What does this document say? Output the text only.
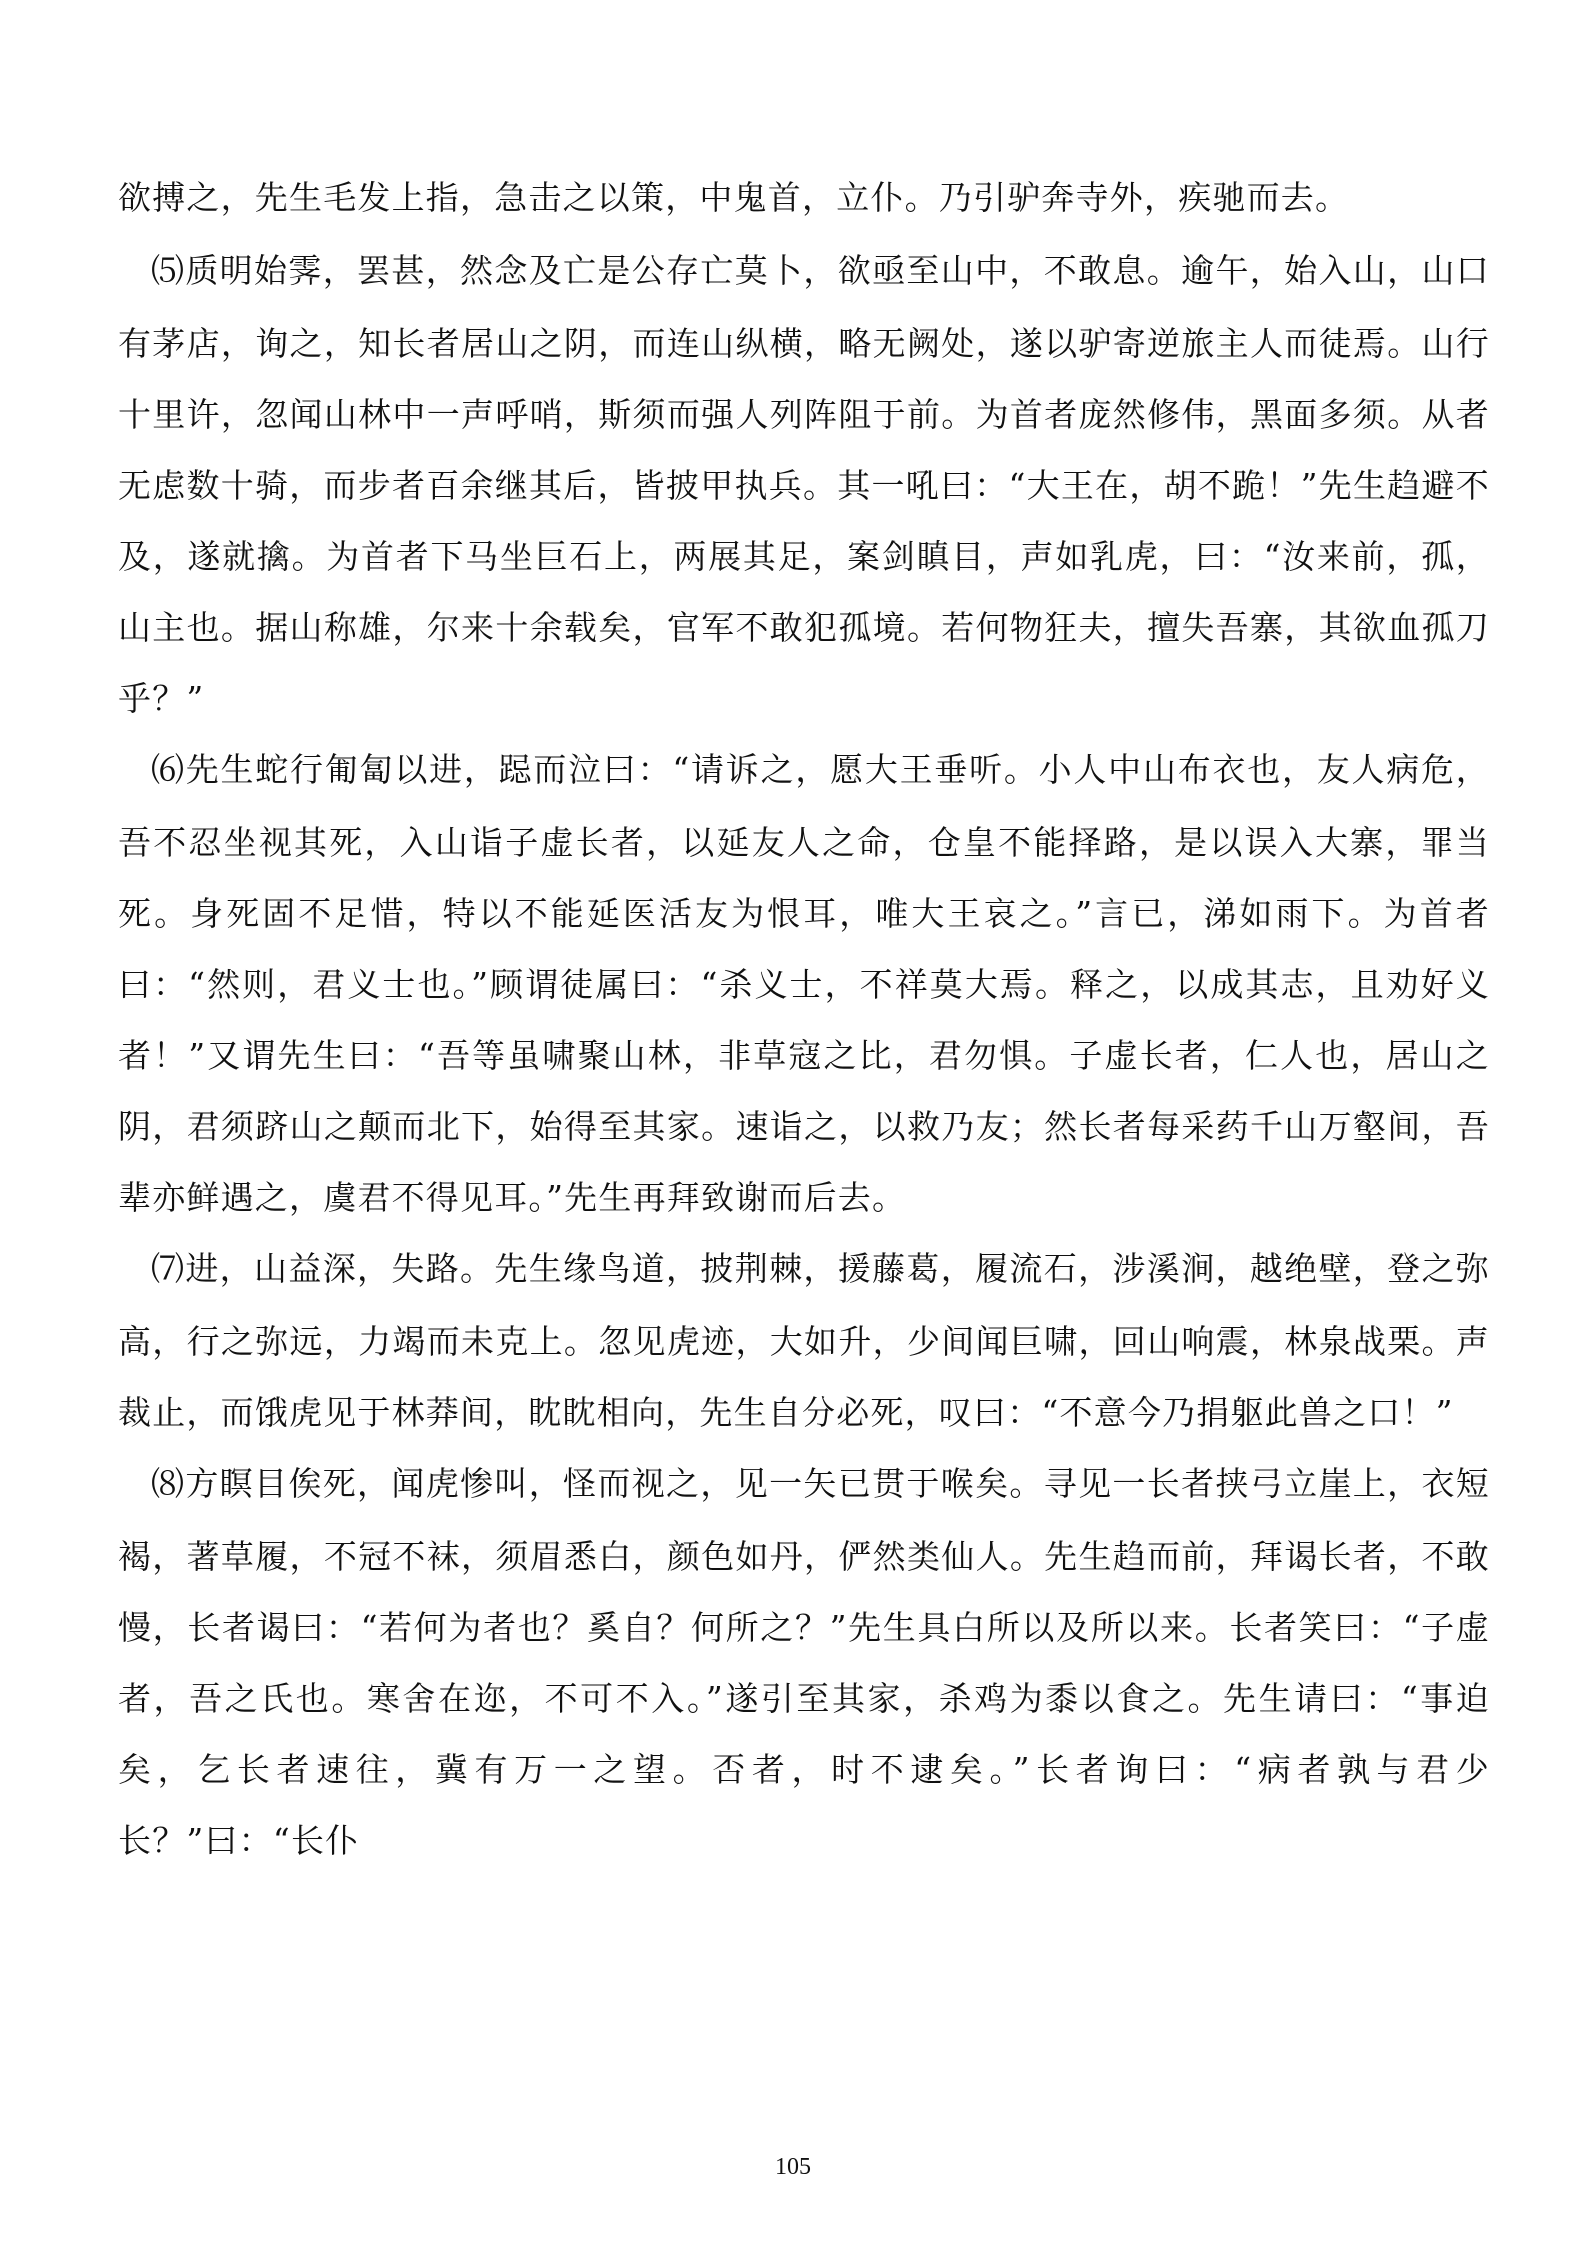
欲搏之，先生毛发上指，急击之以策，中鬼首，立仆。乃引驴奔寺外，疾驰而去。

⑸质明始霁，罢甚，然念及亡是公存亡莫卜，欲亟至山中，不敢息。逾午，始入山，山口有茅店，询之，知长者居山之阴，而连山纵横，略无阙处，遂以驴寄逆旅主人而徒焉。山行十里许，忽闻山林中一声呼哨，斯须而强人列阵阻于前。为首者庞然修伟，黑面多须。从者无虑数十骑，而步者百余继其后，皆披甲执兵。其一吼曰：“大王在，胡不跪！”先生趋避不及，遂就擒。为首者下马坐巨石上，两展其足，案剑瞋目，声如乳虎，曰：“汝来前，孤，山主也。据山称雄，尔来十余载矣，官军不敢犯孤境。若何物狂夫，擅失吾寨，其欲血孤刀乎？”

⑹先生蛇行匍匐以进，跽而泣曰：“请诉之，愿大王垂听。小人中山布衣也，友人病危，吾不忍坐视其死，入山诣子虚长者，以延友人之命，仓皇不能择路，是以误入大寨，罪当死。身死固不足惜，特以不能延医活友为恨耳，唯大王哀之。”言已，涕如雨下。为首者曰：“然则，君义士也。”顾谓徒属曰：“杀义士，不祥莫大焉。释之，以成其志，且劝好义者！”又谓先生曰：“吾等虽啸聚山林，非草寇之比，君勿惧。子虚长者，仁人也，居山之阴，君须跻山之颠而北下，始得至其家。速诣之，以救乃友；然长者每采药千山万壑间，吾辈亦鲜遇之，虞君不得见耳。”先生再拜致谢而后去。

⑺进，山益深，失路。先生缘鸟道，披荆棘，援藤葛，履流石，涉溪涧，越绝壁，登之弥高，行之弥远，力竭而未克上。忽见虎迹，大如升，少间闻巨啸，回山响震，林泉战栗。声裁止，而饿虎见于林莽间，眈眈相向，先生自分必死，叹曰：“不意今乃捐躯此兽之口！”

⑻方瞑目俟死，闻虎惨叫，怪而视之，见一矢已贯于喉矣。寻见一长者挟弓立崖上，衣短褐，著草履，不冠不袜，须眉悉白，颜色如丹，俨然类仙人。先生趋而前，拜谒长者，不敢慢，长者谒曰：“若何为者也？奚自？何所之？”先生具白所以及所以来。长者笑曰：“子虚者，吾之氏也。寒舍在迩，不可不入。”遂引至其家，杀鸡为黍以食之。先生请曰：“事迫矣，乞长者速往，冀有万一之望。否者，时不逮矣。”长者询曰：“病者孰与君少长？”曰：“长仆

105
